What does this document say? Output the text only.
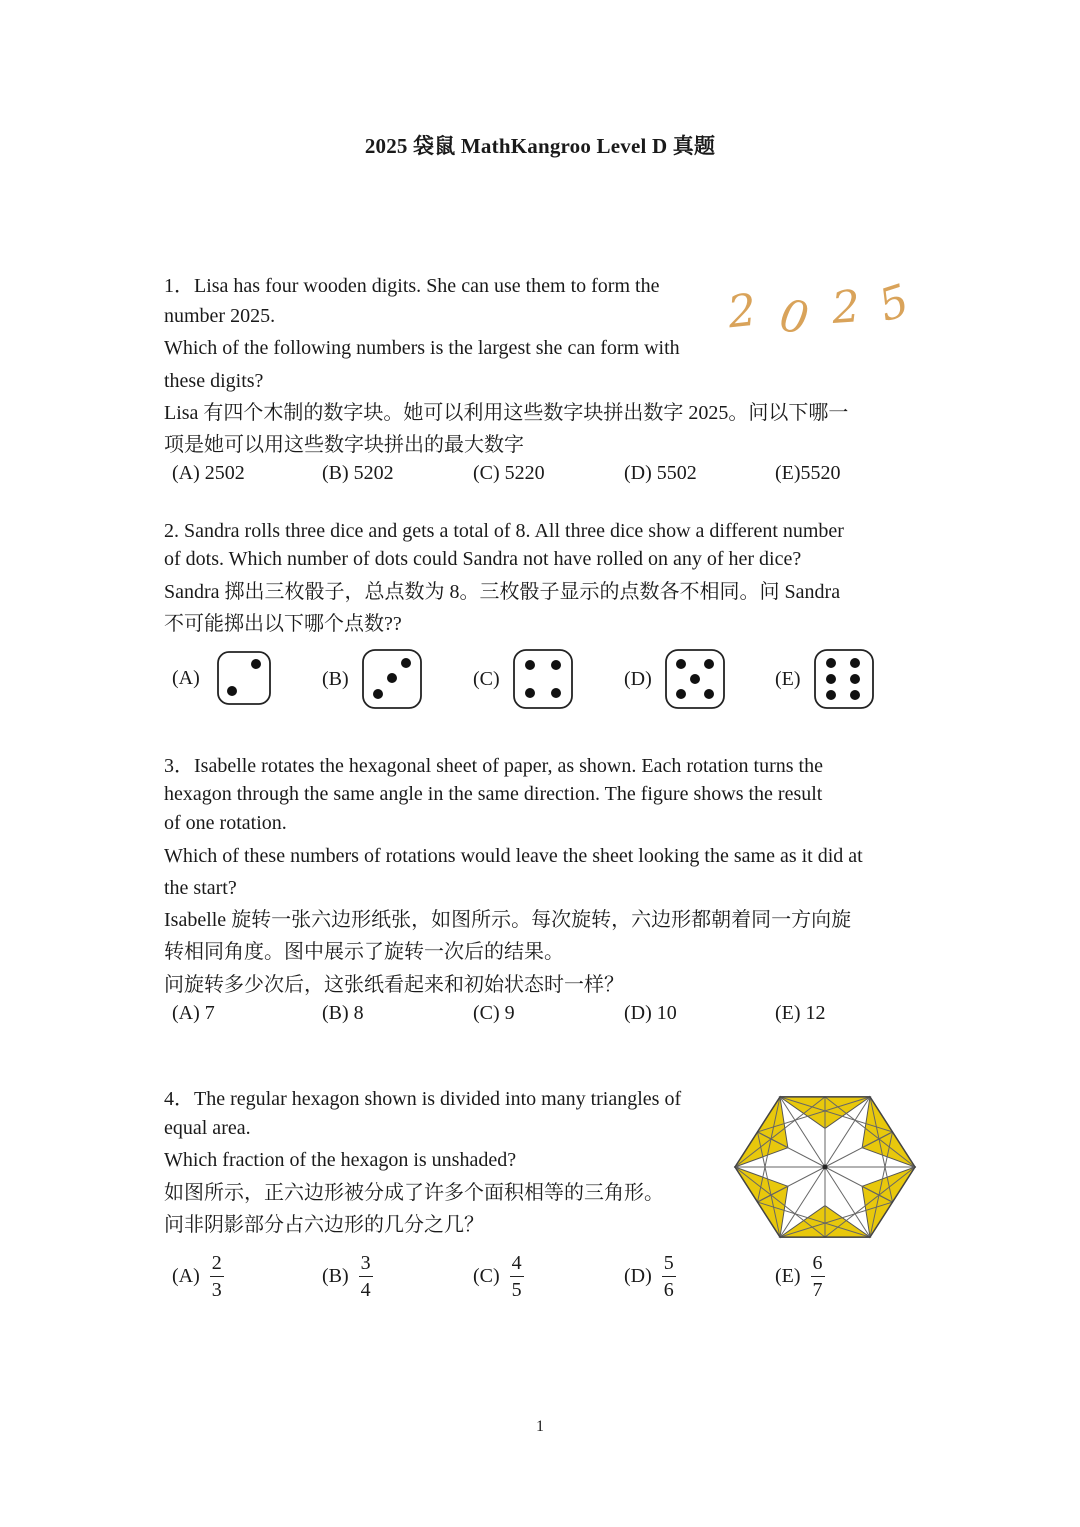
2025 袋鼠 MathKangroo Level D 真题
1．Lisa has four wooden digits. She can use them to form the
number 2025.
Which of the following numbers is the largest she can form with
these digits?
Lisa 有四个木制的数字块。她可以利用这些数字块拼出数字 2025。问以下哪一
项是她可以用这些数字块拼出的最大数字
2 0 2 5
(A) 2502	(B) 5202	(C) 5220	(D) 5502	(E)5520
2. Sandra rolls three dice and gets a total of 8. All three dice show a different number
of dots. Which number of dots could Sandra not have rolled on any of her dice?
Sandra 掷出三枚骰子，总点数为 8。三枚骰子显示的点数各不相同。问 Sandra
不可能掷出以下哪个点数??
(A)	(B)	(C)	(D)	(E)
3．Isabelle rotates the hexagonal sheet of paper, as shown. Each rotation turns the
hexagon through the same angle in the same direction. The figure shows the result
of one rotation.
Which of these numbers of rotations would leave the sheet looking the same as it did at
the start?
Isabelle 旋转一张六边形纸张，如图所示。每次旋转，六边形都朝着同一方向旋
转相同角度。图中展示了旋转一次后的结果。
问旋转多少次后，这张纸看起来和初始状态时一样？
(A) 7	(B) 8	(C) 9	(D) 10	(E) 12
4．The regular hexagon shown is divided into many triangles of
equal area.
Which fraction of the hexagon is unshaded?
如图所示，正六边形被分成了许多个面积相等的三角形。
问非阴影部分占六边形的几分之几？
$(A) \frac{2}{3}$	$(B) \frac{3}{4}$	$(C) \frac{4}{5}$	$(D) \frac{5}{6}$	$(E) \frac{6}{7}$
1
